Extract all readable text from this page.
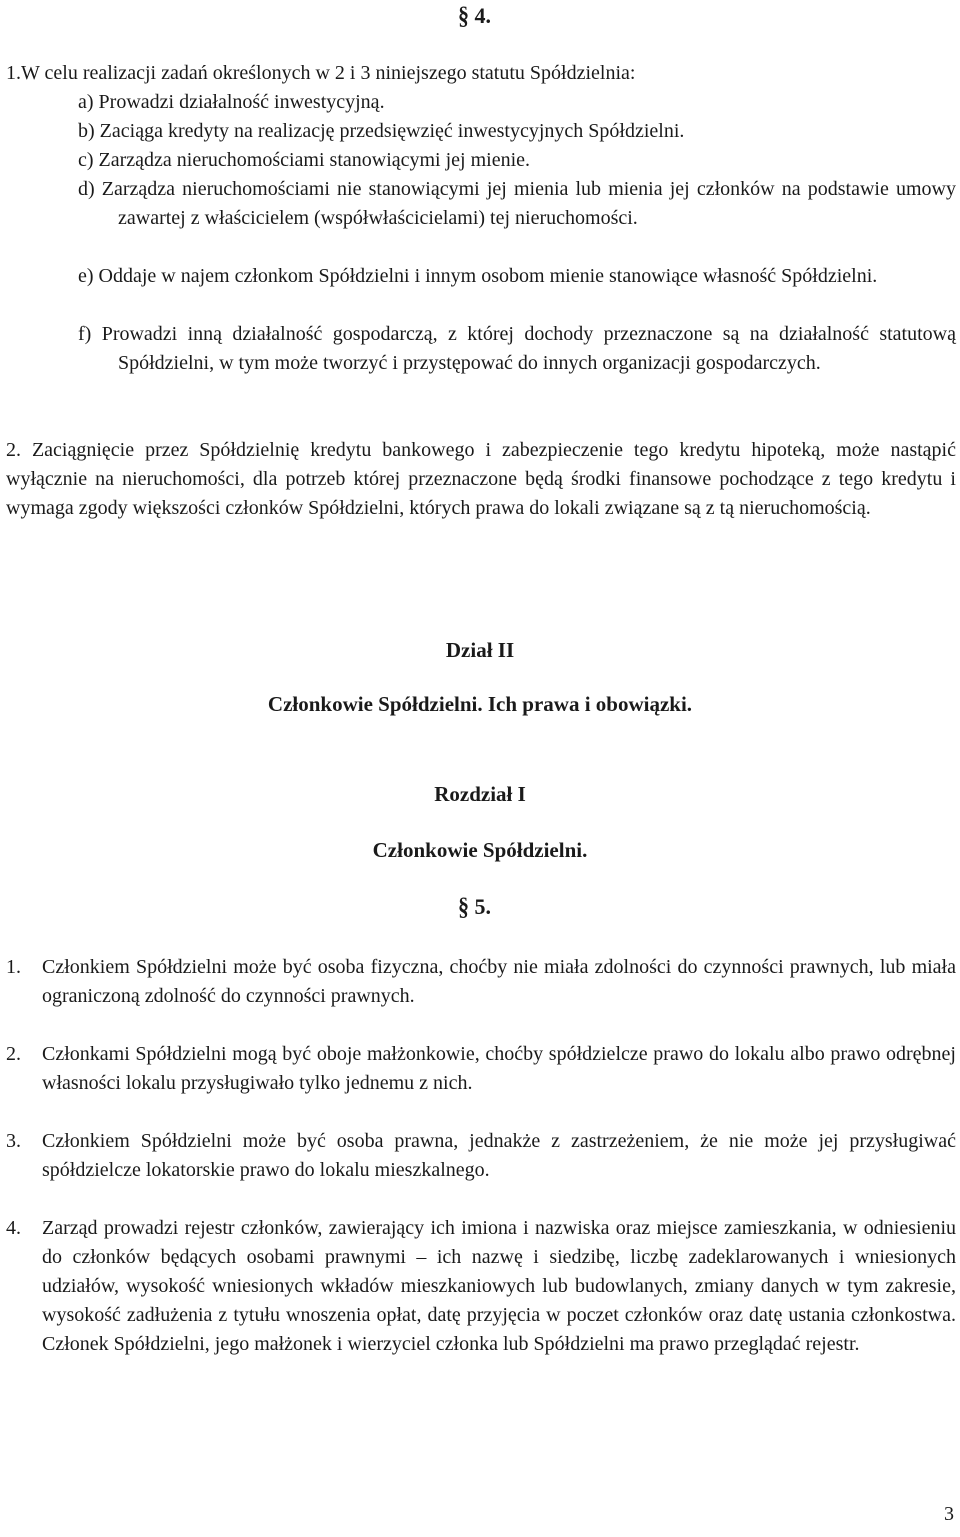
§ 4.
1.W celu realizacji zadań określonych w 2 i 3 niniejszego statutu Spółdzielnia:
a) Prowadzi działalność inwestycyjną.
b) Zaciąga kredyty na realizację przedsięwzięć inwestycyjnych Spółdzielni.
c) Zarządza nieruchomościami stanowiącymi jej mienie.
d) Zarządza nieruchomościami nie stanowiącymi jej mienia lub mienia jej członków na podstawie umowy zawartej z właścicielem (współwłaścicielami) tej nieruchomości.
e) Oddaje w najem członkom Spółdzielni i innym osobom mienie stanowiące własność Spółdzielni.
f) Prowadzi inną działalność gospodarczą, z której dochody przeznaczone są na działalność statutową Spółdzielni, w tym może tworzyć i przystępować do innych organizacji gospodarczych.
2. Zaciągnięcie przez Spółdzielnię kredytu bankowego i zabezpieczenie tego kredytu hipoteką, może nastąpić wyłącznie na nieruchomości, dla potrzeb której przeznaczone będą środki finansowe pochodzące z tego kredytu i wymaga zgody większości członków Spółdzielni, których prawa do lokali związane są z tą nieruchomością.
Dział II
Członkowie Spółdzielni. Ich prawa i obowiązki.
Rozdział I
Członkowie Spółdzielni.
§ 5.
1. Członkiem Spółdzielni może być osoba fizyczna, choćby nie miała zdolności do czynności prawnych, lub miała ograniczoną zdolność do czynności prawnych.
2. Członkami Spółdzielni mogą być oboje małżonkowie, choćby spółdzielcze prawo do lokalu albo prawo odrębnej własności lokalu przysługiwało tylko jednemu z nich.
3. Członkiem Spółdzielni może być osoba prawna, jednakże z zastrzeżeniem, że nie może jej przysługiwać spółdzielcze lokatorskie prawo do lokalu mieszkalnego.
4. Zarząd prowadzi rejestr członków, zawierający ich imiona i nazwiska oraz miejsce zamieszkania, w odniesieniu do członków będących osobami prawnymi – ich nazwę i siedzibę, liczbę zadeklarowanych i wniesionych udziałów, wysokość wniesionych wkładów mieszkaniowych lub budowlanych, zmiany danych w tym zakresie, wysokość zadłużenia z tytułu wnoszenia opłat, datę przyjęcia w poczet członków oraz datę ustania członkostwa. Członek Spółdzielni, jego małżonek i wierzyciel członka lub Spółdzielni ma prawo przeglądać rejestr.
3
